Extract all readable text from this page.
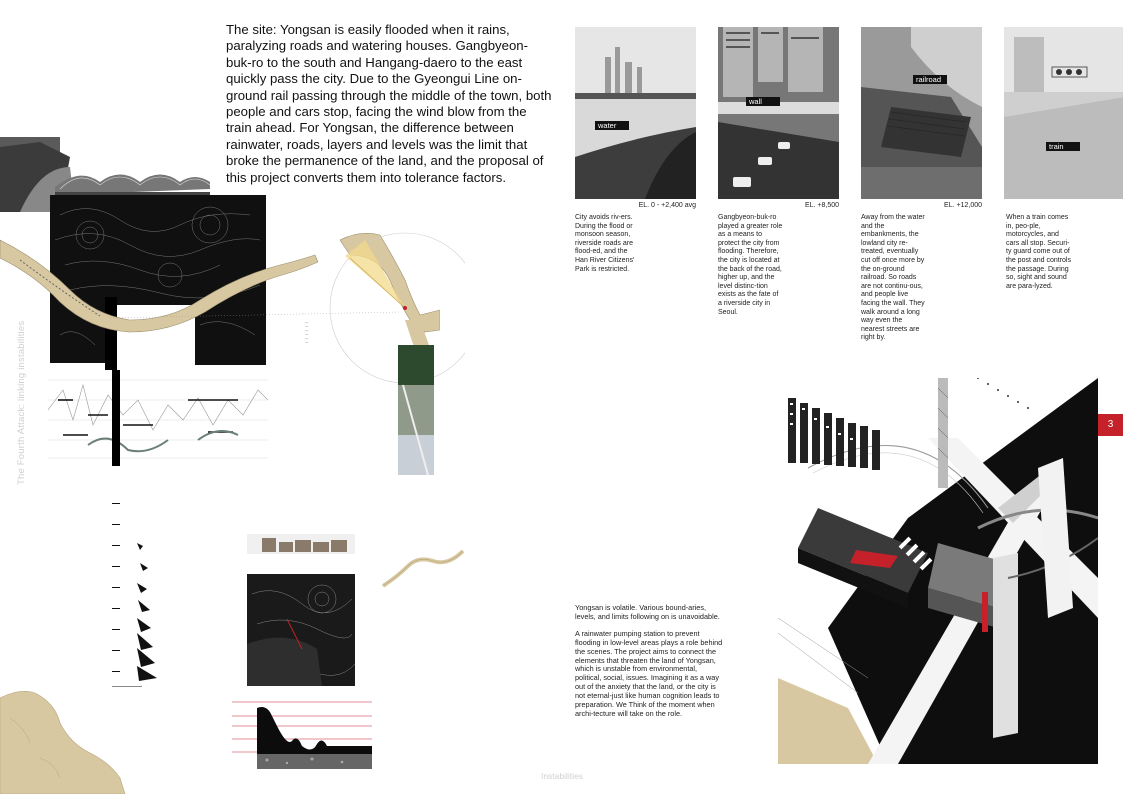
The site: Yongsan is easily flooded when it rains, paralyzing roads and watering houses. Gangbyeon-buk-ro to the south and Hangang-daero to the east quickly pass the city. Due to the Gyeongui Line on-ground rail passing through the middle of the town, both people and cars stop, facing the wind blow from the train ahead. For Yongsan, the difference between rainwater, roads, layers and levels was the limit that broke the permanence of the land, and the proposal of this project converts them into tolerance factors.
·
—
—
—
—
—
—
water
EL. 0 - +2,400 avg
City avoids riv-ers. During the flood or monsoon season, riverside roads are flood-ed, and the Han River Citizens' Park is restricted.
wall
EL. +8,500
Gangbyeon-buk-ro played a greater role as a means to protect the city from flooding. Therefore, the city is located at the back of the road, higher up, and the level distinc-tion exists as the fate of a riverside city in Seoul.
railroad
EL. +12,000
Away from the water and the embankments, the lowland city re-treated, eventually cut off once more by the on-ground railroad. So roads are not continu-ous, and people live facing the wall. They walk around a long way even the nearest streets are right by.
train
When a train comes in, peo-ple, motorcycles, and cars all stop. Securi-ty guard come out of the post and controls the passage. During so, sight and sound are para-lyzed.
3
The Fourth Attack: linking instabilities

Yongsan is volatile. Various bound-aries, levels, and limits following on is unavoidable.

A rainwater pumping station to prevent flooding in low-level areas plays a role behind the scenes. The project aims to connect the elements that threaten the land of Yongsan, which is unstable from environmental, political, social, issues. Imagining it as a way out of the anxiety that the land, or the city is not eternal-just like human cognition leads to preparation. We Think of the moment when archi-tecture will take on the role.

Instabilities
